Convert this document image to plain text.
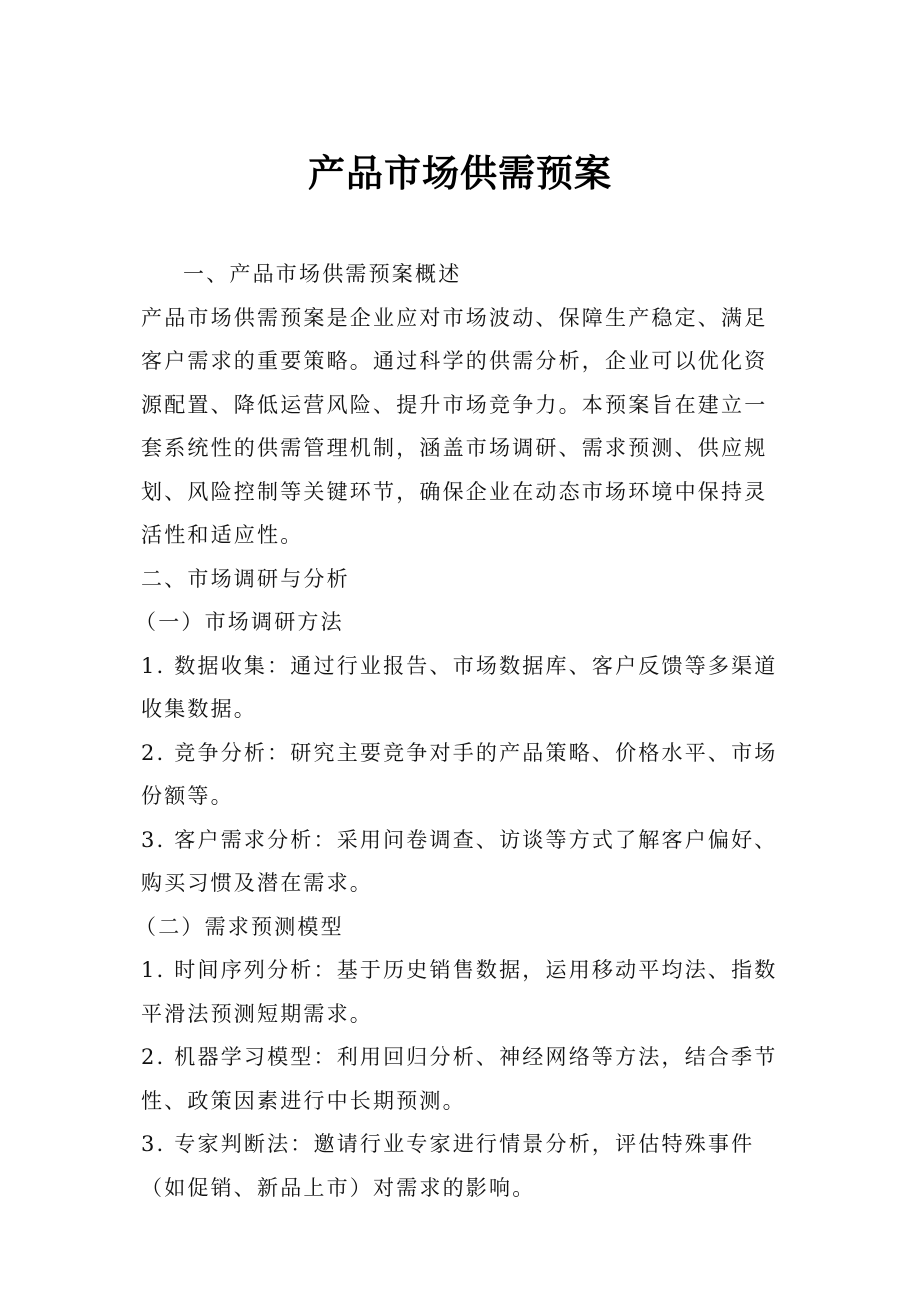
产品市场供需预案

一、产品市场供需预案概述

产品市场供需预案是企业应对市场波动、保障生产稳定、满足客户需求的重要策略。通过科学的供需分析，企业可以优化资源配置、降低运营风险、提升市场竞争力。本预案旨在建立一套系统性的供需管理机制，涵盖市场调研、需求预测、供应规划、风险控制等关键环节，确保企业在动态市场环境中保持灵活性和适应性。

二、市场调研与分析

（一）市场调研方法

1. 数据收集：通过行业报告、市场数据库、客户反馈等多渠道收集数据。

2. 竞争分析：研究主要竞争对手的产品策略、价格水平、市场份额等。

3. 客户需求分析：采用问卷调查、访谈等方式了解客户偏好、购买习惯及潜在需求。

（二）需求预测模型

1. 时间序列分析：基于历史销售数据，运用移动平均法、指数平滑法预测短期需求。

2. 机器学习模型：利用回归分析、神经网络等方法，结合季节性、政策因素进行中长期预测。

3. 专家判断法：邀请行业专家进行情景分析，评估特殊事件（如促销、新品上市）对需求的影响。
